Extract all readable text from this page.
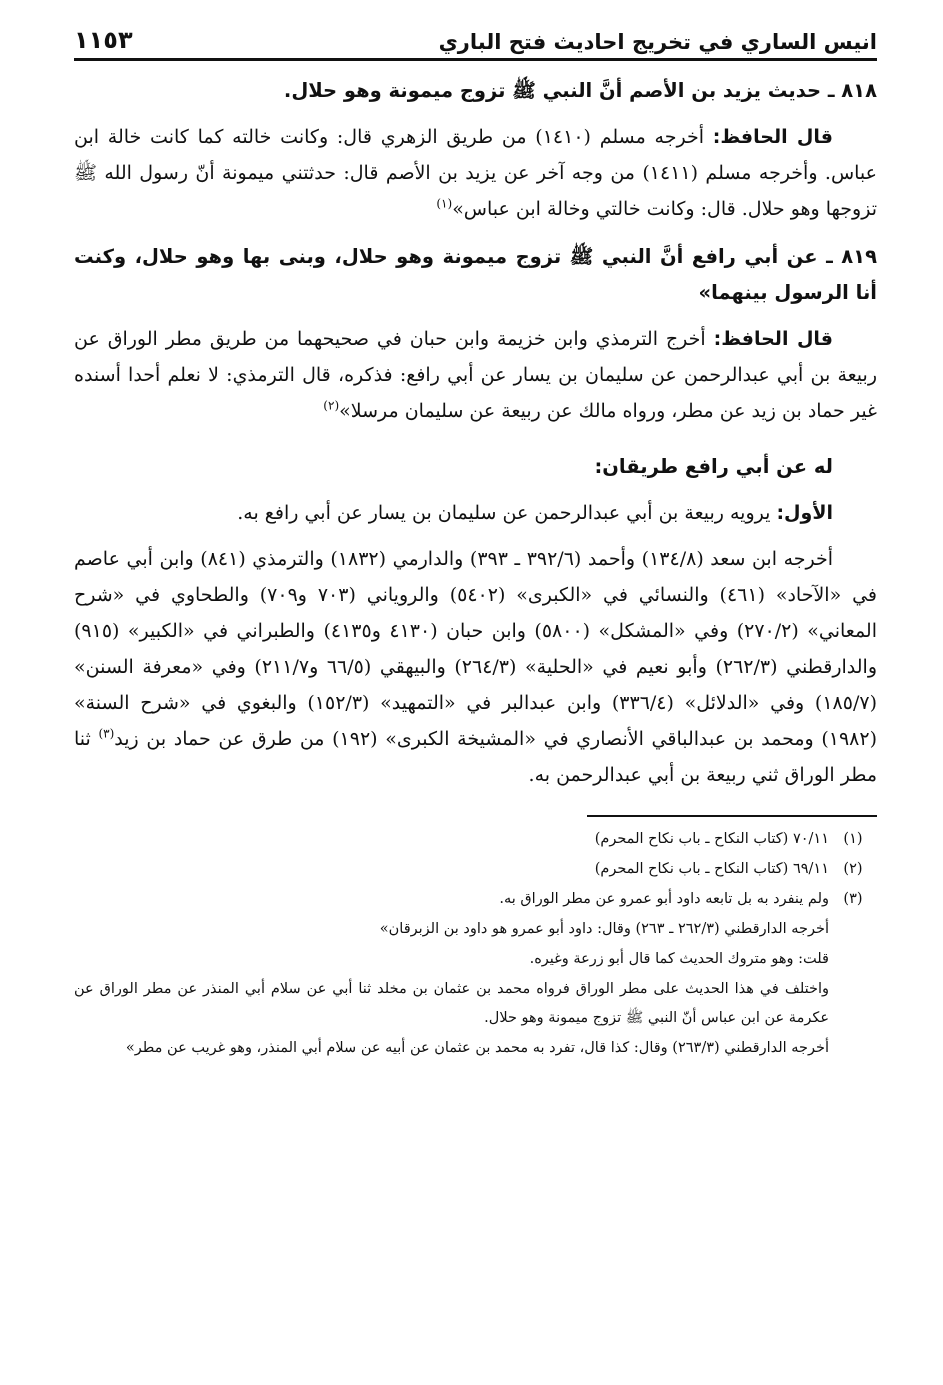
انيس الساري في تخريج احاديث فتح الباري
١١٥٣
٨١٨ ـ حديث يزيد بن الأصم أنَّ النبي ﷺ تزوج ميمونة وهو حلال.
قال الحافظ: أخرجه مسلم (١٤١٠) من طريق الزهري قال: وكانت خالته كما كانت خالة ابن عباس. وأخرجه مسلم (١٤١١) من وجه آخر عن يزيد بن الأصم قال: حدثتني ميمونة أنّ رسول الله ﷺ تزوجها وهو حلال. قال: وكانت خالتي وخالة ابن عباس»$^{(١)}$
٨١٩ ـ عن أبي رافع أنَّ النبي ﷺ تزوج ميمونة وهو حلال، وبنى بها وهو حلال، وكنت أنا الرسول بينهما»
قال الحافظ: أخرج الترمذي وابن خزيمة وابن حبان في صحيحهما من طريق مطر الوراق عن ربيعة بن أبي عبدالرحمن عن سليمان بن يسار عن أبي رافع: فذكره، قال الترمذي: لا نعلم أحدا أسنده غير حماد بن زيد عن مطر، ورواه مالك عن ربيعة عن سليمان مرسلا»$^{(٢)}$
له عن أبي رافع طريقان:
الأول: يرويه ربيعة بن أبي عبدالرحمن عن سليمان بن يسار عن أبي رافع به.
أخرجه ابن سعد (١٣٤/٨) وأحمد (٣٩٢/٦ ـ ٣٩٣) والدارمي (١٨٣٢) والترمذي (٨٤١) وابن أبي عاصم في «الآحاد» (٤٦١) والنسائي في «الكبرى» (٥٤٠٢) والروياني (٧٠٣ و٧٠٩) والطحاوي في «شرح المعاني» (٢٧٠/٢) وفي «المشكل» (٥٨٠٠) وابن حبان (٤١٣٠ و٤١٣٥) والطبراني في «الكبير» (٩١٥) والدارقطني (٢٦٢/٣) وأبو نعيم في «الحلية» (٢٦٤/٣) والبيهقي (٦٦/٥ و٢١١/٧) وفي «معرفة السنن» (١٨٥/٧) وفي «الدلائل» (٣٣٦/٤) وابن عبدالبر في «التمهيد» (١٥٢/٣) والبغوي في «شرح السنة» (١٩٨٢) ومحمد بن عبدالباقي الأنصاري في «المشيخة الكبرى» (١٩٢) من طرق عن حماد بن زيد$^{(٣)}$ ثنا مطر الوراق ثني ربيعة بن أبي عبدالرحمن به.
(١)
٧٠/١١ (كتاب النكاح ـ باب نكاح المحرم)
(٢)
٦٩/١١ (كتاب النكاح ـ باب نكاح المحرم)
(٣)
ولم ينفرد به بل تابعه داود أبو عمرو عن مطر الوراق به.
أخرجه الدارقطني (٢٦٢/٣ ـ ٢٦٣) وقال: داود أبو عمرو هو داود بن الزبرقان»
قلت: وهو متروك الحديث كما قال أبو زرعة وغيره.
واختلف في هذا الحديث على مطر الوراق فرواه محمد بن عثمان بن مخلد ثنا أبي عن سلام أبي المنذر عن مطر الوراق عن عكرمة عن ابن عباس أنّ النبي ﷺ تزوج ميمونة وهو حلال.
أخرجه الدارقطني (٢٦٣/٣) وقال: كذا قال، تفرد به محمد بن عثمان عن أبيه عن سلام أبي المنذر، وهو غريب عن مطر»
